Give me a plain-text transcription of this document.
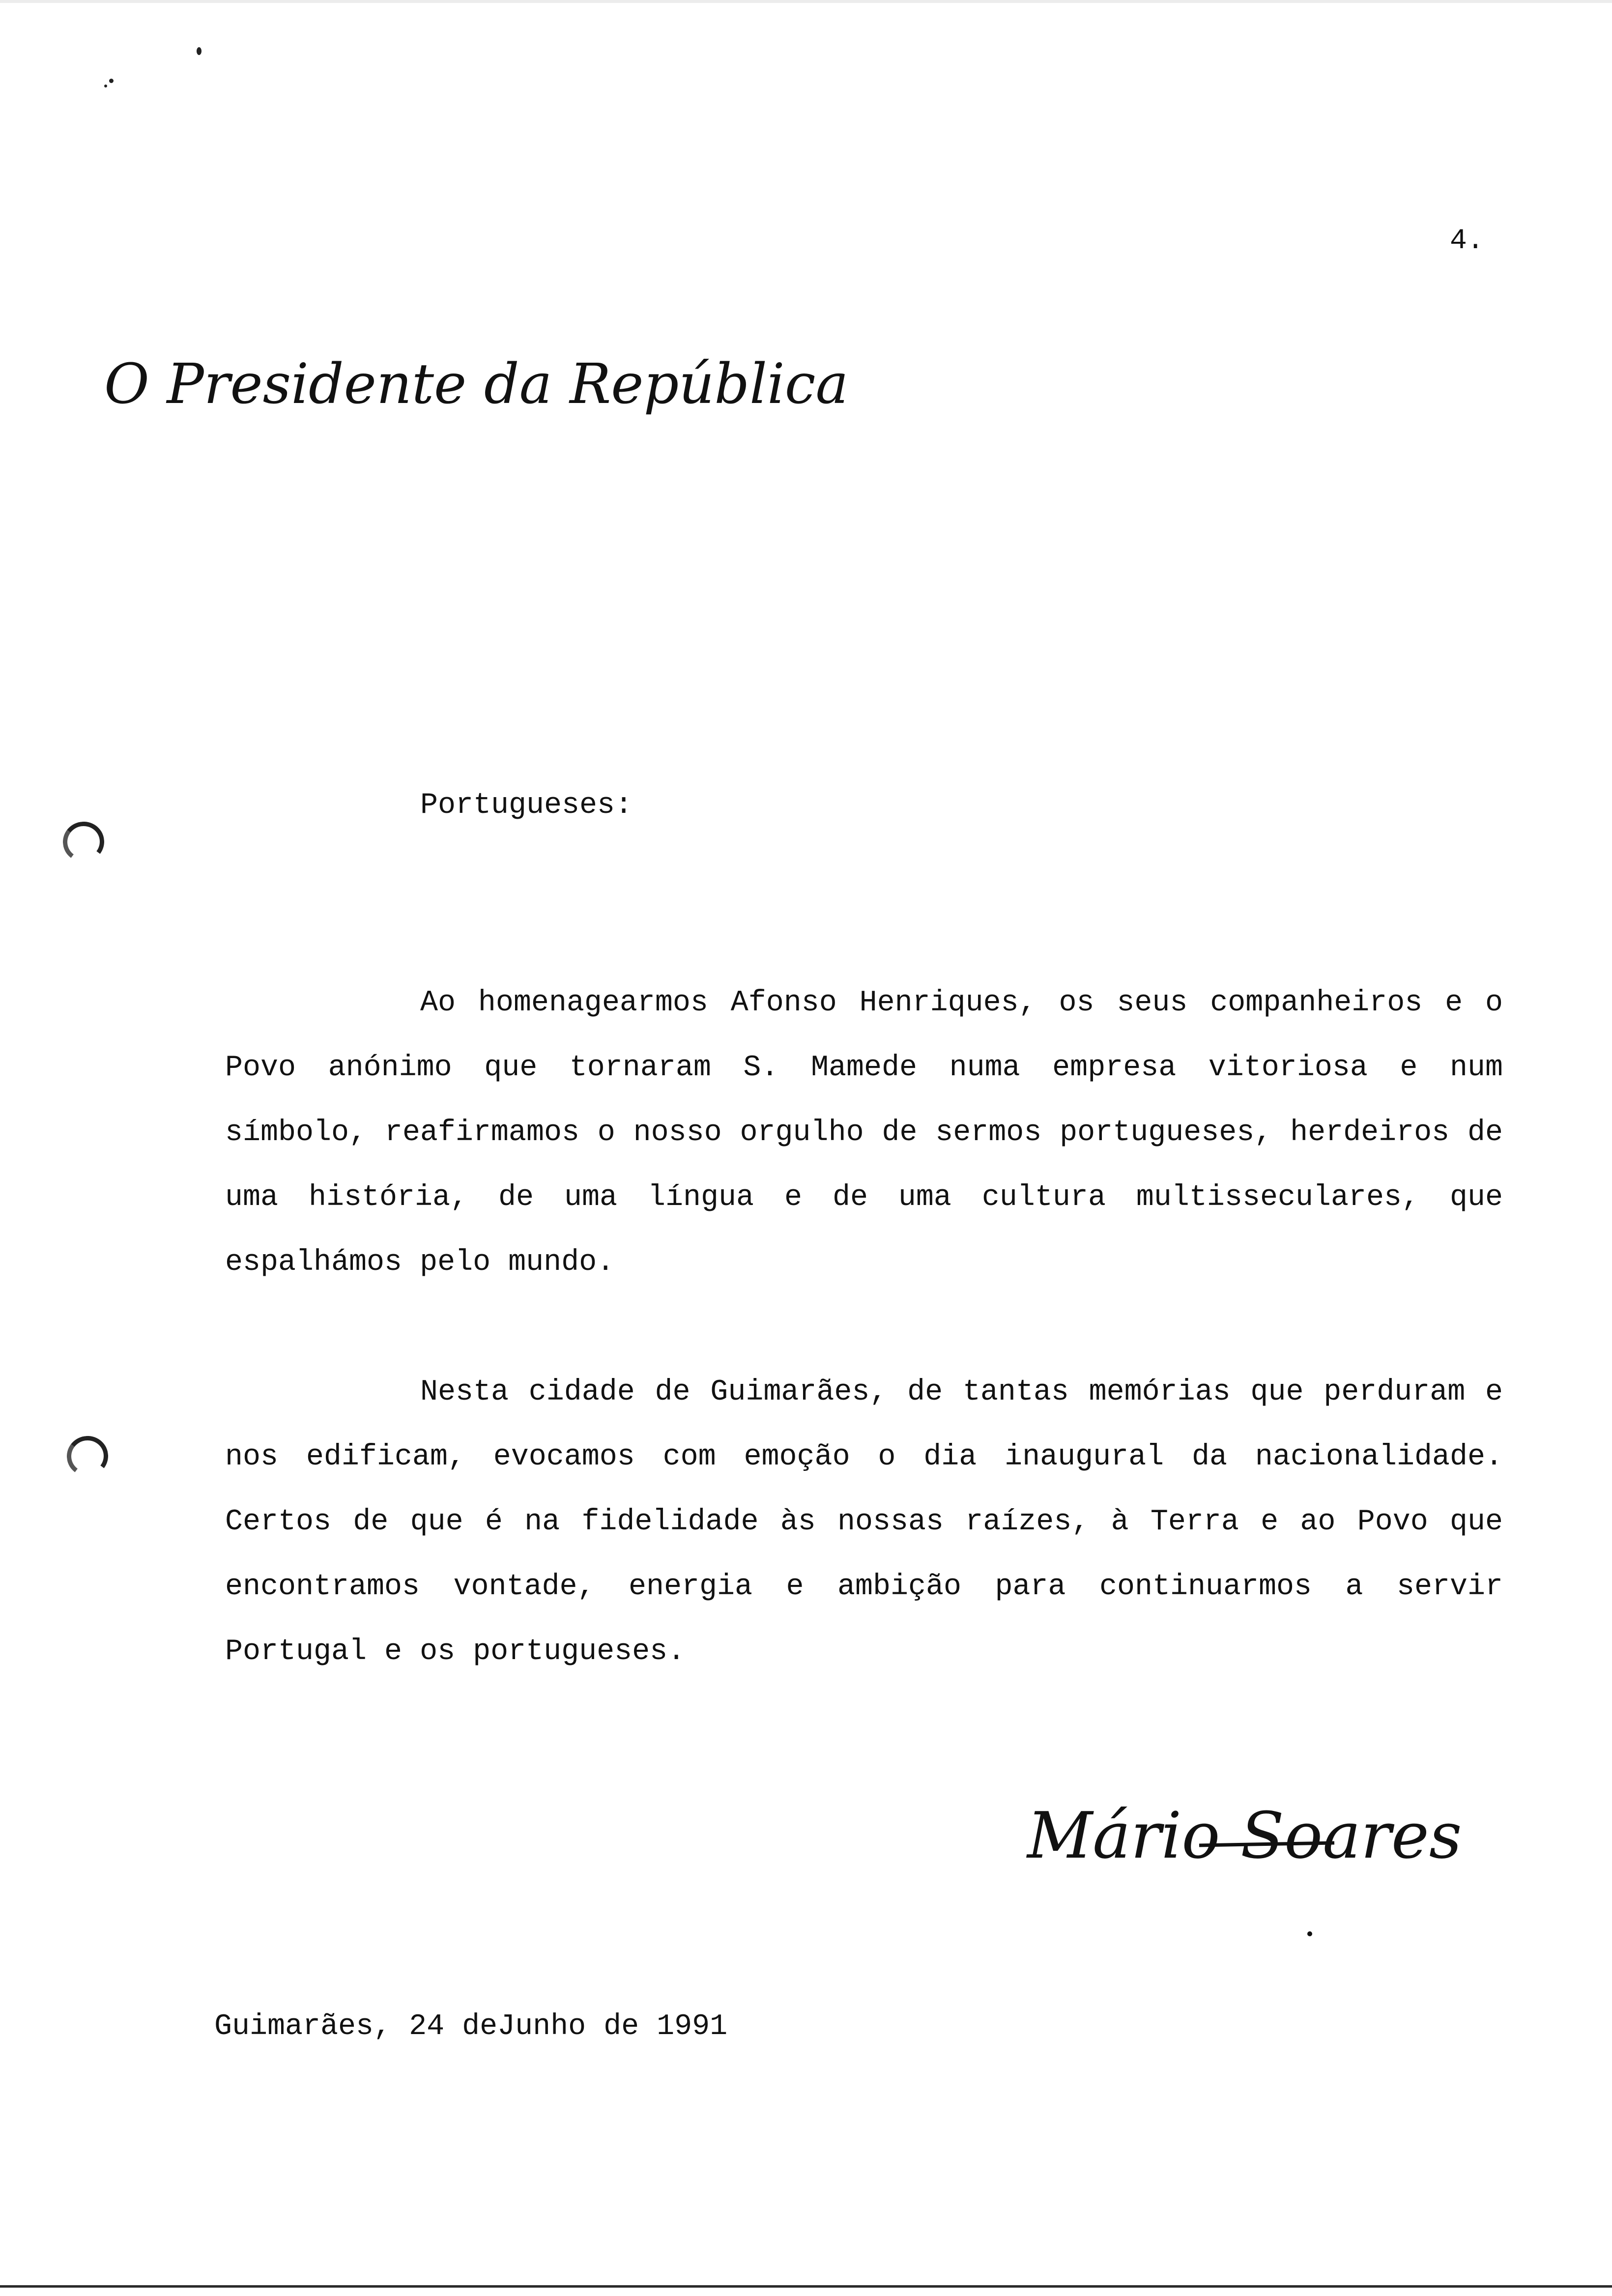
4.
O Presidente da República
Portugueses:

Ao homenagearmos Afonso Henriques, os seus companheiros e o Povo anónimo que tornaram S. Mamede numa empresa vitoriosa e num símbolo, reafirmamos o nosso orgulho de sermos portugueses, herdeiros de uma história, de uma língua e de uma cultura multisseculares, que espalhámos pelo mundo.

Nesta cidade de Guimarães, de tantas memórias que perduram e nos edificam, evocamos com emoção o dia inaugural da nacionalidade. Certos de que é na fidelidade às nossas raízes, à Terra e ao Povo que encontramos vontade, energia e ambição para continuarmos a servir Portugal e os portugueses.

Mário Soares
Guimarães, 24 deJunho de 1991
